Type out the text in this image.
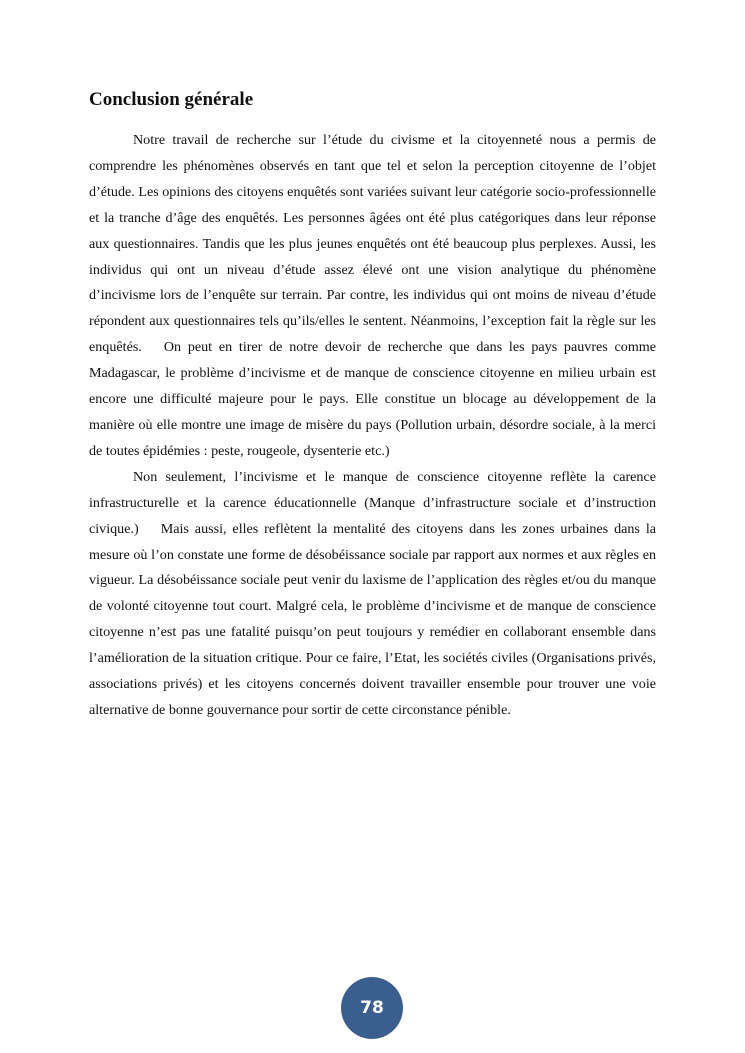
Conclusion générale

Notre travail de recherche sur l’étude du civisme et la citoyenneté nous a permis de comprendre les phénomènes observés en tant que tel et selon la perception citoyenne de l’objet d’étude. Les opinions des citoyens enquêtés sont variées suivant leur catégorie socio-professionnelle et la tranche d’âge des enquêtés. Les personnes âgées ont été plus catégoriques dans leur réponse aux questionnaires. Tandis que les plus jeunes enquêtés ont été beaucoup plus perplexes. Aussi, les individus qui ont un niveau d’étude assez élevé ont une vision analytique du phénomène d’incivisme lors de l’enquête sur terrain. Par contre, les individus qui ont moins de niveau d’étude répondent aux questionnaires tels qu’ils/elles le sentent. Néanmoins, l’exception fait la règle sur les enquêtés. On peut en tirer de notre devoir de recherche que dans les pays pauvres comme Madagascar, le problème d’incivisme et de manque de conscience citoyenne en milieu urbain est encore une difficulté majeure pour le pays. Elle constitue un blocage au développement de la manière où elle montre une image de misère du pays (Pollution urbain, désordre sociale, à la merci de toutes épidémies : peste, rougeole, dysenterie etc.)

Non seulement, l’incivisme et le manque de conscience citoyenne reflète la carence infrastructurelle et la carence éducationnelle (Manque d’infrastructure sociale et d’instruction civique.) Mais aussi, elles reflètent la mentalité des citoyens dans les zones urbaines dans la mesure où l’on constate une forme de désobéissance sociale par rapport aux normes et aux règles en vigueur. La désobéissance sociale peut venir du laxisme de l’application des règles et/ou du manque de volonté citoyenne tout court. Malgré cela, le problème d’incivisme et de manque de conscience citoyenne n’est pas une fatalité puisqu’on peut toujours y remédier en collaborant ensemble dans l’amélioration de la situation critique. Pour ce faire, l’Etat, les sociétés civiles (Organisations privés, associations privés) et les citoyens concernés doivent travailler ensemble pour trouver une voie alternative de bonne gouvernance pour sortir de cette circonstance pénible.

78
